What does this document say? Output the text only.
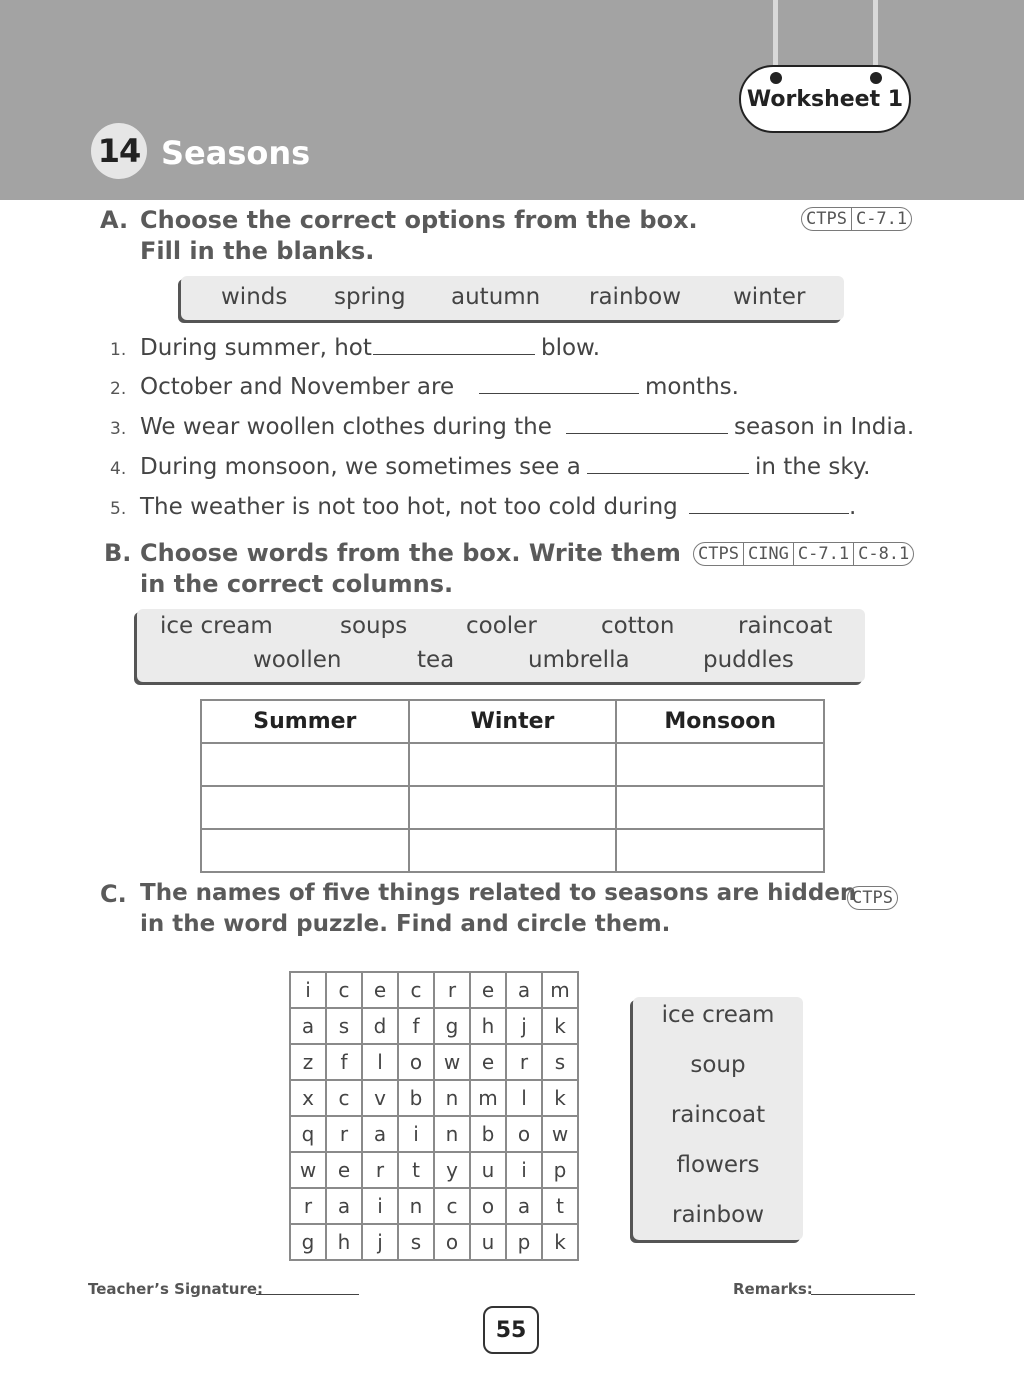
Worksheet 1
14 Seasons
A. Choose the correct options from the box.
Fill in the blanks.
CTPS C-7.1
winds spring autumn rainbow winter
1. During summer, hot	blow.
2. October and November are	months.
3. We wear woollen clothes during the	season in India.
4. During monsoon, we sometimes see a	in the sky.
5. The weather is not too hot, not too cold during	.
B. Choose words from the box. Write them
in the correct columns.
CTPS CING C-7.1 C-8.1
ice cream	soups	cooler	cotton	raincoat
woollen	tea	umbrella	puddles
Summer	Winter	Monsoon

C. The names of five things related to seasons are hidden
in the word puzzle. Find and circle them.
CTPS
i	c	e	c	r	e	a	m
a	s	d	f	g	h	j	k
z	f	l	o	w	e	r	s
x	c	v	b	n	m	l	k
q	r	a	i	n	b	o	w
w	e	r	t	y	u	i	p
r	a	i	n	c	o	a	t
g	h	j	s	o	u	p	k
ice cream
soup
raincoat
flowers
rainbow
Teacher’s Signature:	Remarks:
55
